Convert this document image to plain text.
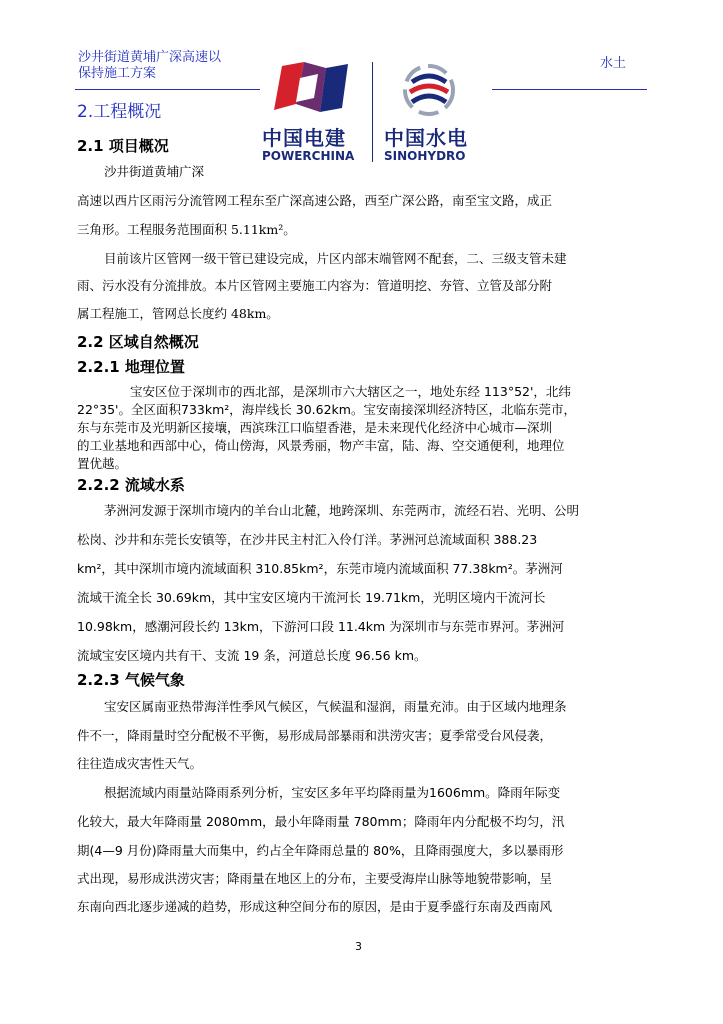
沙井街道黄埔广深高速以
保持施工方案
水土
中国电建
POWERCHINA
中国水电
SINOHYDRO
2.工程概况
2.1 项目概况
沙井街道黄埔广深
高速以西片区雨污分流管网工程东至广深高速公路，西至广深公路，南至宝文路，成正
三角形。工程服务范围面积 5.11km²。
目前该片区管网一级干管已建设完成，片区内部末端管网不配套，二、三级支管未建
雨、污水没有分流排放。本片区管网主要施工内容为：管道明挖、夯管、立管及部分附
属工程施工，管网总长度约 48km。
2.2 区域自然概况
2.2.1 地理位置
宝安区位于深圳市的西北部，是深圳市六大辖区之一，地处东经 113°52'，北纬
22°35'。全区面积733km²，海岸线长 30.62km。宝安南接深圳经济特区，北临东莞市，
东与东莞市及光明新区接壤，西滨珠江口临望香港，是未来现代化经济中心城市—深圳
的工业基地和西部中心，倚山傍海，风景秀丽，物产丰富，陆、海、空交通便利，地理位
置优越。
2.2.2 流域水系
茅洲河发源于深圳市境内的羊台山北麓，地跨深圳、东莞两市，流经石岩、光明、公明
松岗、沙井和东莞长安镇等，在沙井民主村汇入伶仃洋。茅洲河总流域面积 388.23
km²，其中深圳市境内流域面积 310.85km²，东莞市境内流域面积 77.38km²。茅洲河
流域干流全长 30.69km，其中宝安区境内干流河长 19.71km，光明区境内干流河长
10.98km，感潮河段长约 13km，下游河口段 11.4km 为深圳市与东莞市界河。茅洲河
流域宝安区境内共有干、支流 19 条，河道总长度 96.56 km。
2.2.3 气候气象
宝安区属南亚热带海洋性季风气候区，气候温和湿润，雨量充沛。由于区域内地理条
件不一，降雨量时空分配极不平衡，易形成局部暴雨和洪涝灾害；夏季常受台风侵袭，
往往造成灾害性天气。
根据流域内雨量站降雨系列分析，宝安区多年平均降雨量为1606mm。降雨年际变
化较大，最大年降雨量 2080mm，最小年降雨量 780mm；降雨年内分配极不均匀，汛
期(4—9 月份)降雨量大而集中，约占全年降雨总量的 80%，且降雨强度大，多以暴雨形
式出现，易形成洪涝灾害；降雨量在地区上的分布，主要受海岸山脉等地貌带影响，呈
东南向西北逐步递减的趋势，形成这种空间分布的原因，是由于夏季盛行东南及西南风
3
